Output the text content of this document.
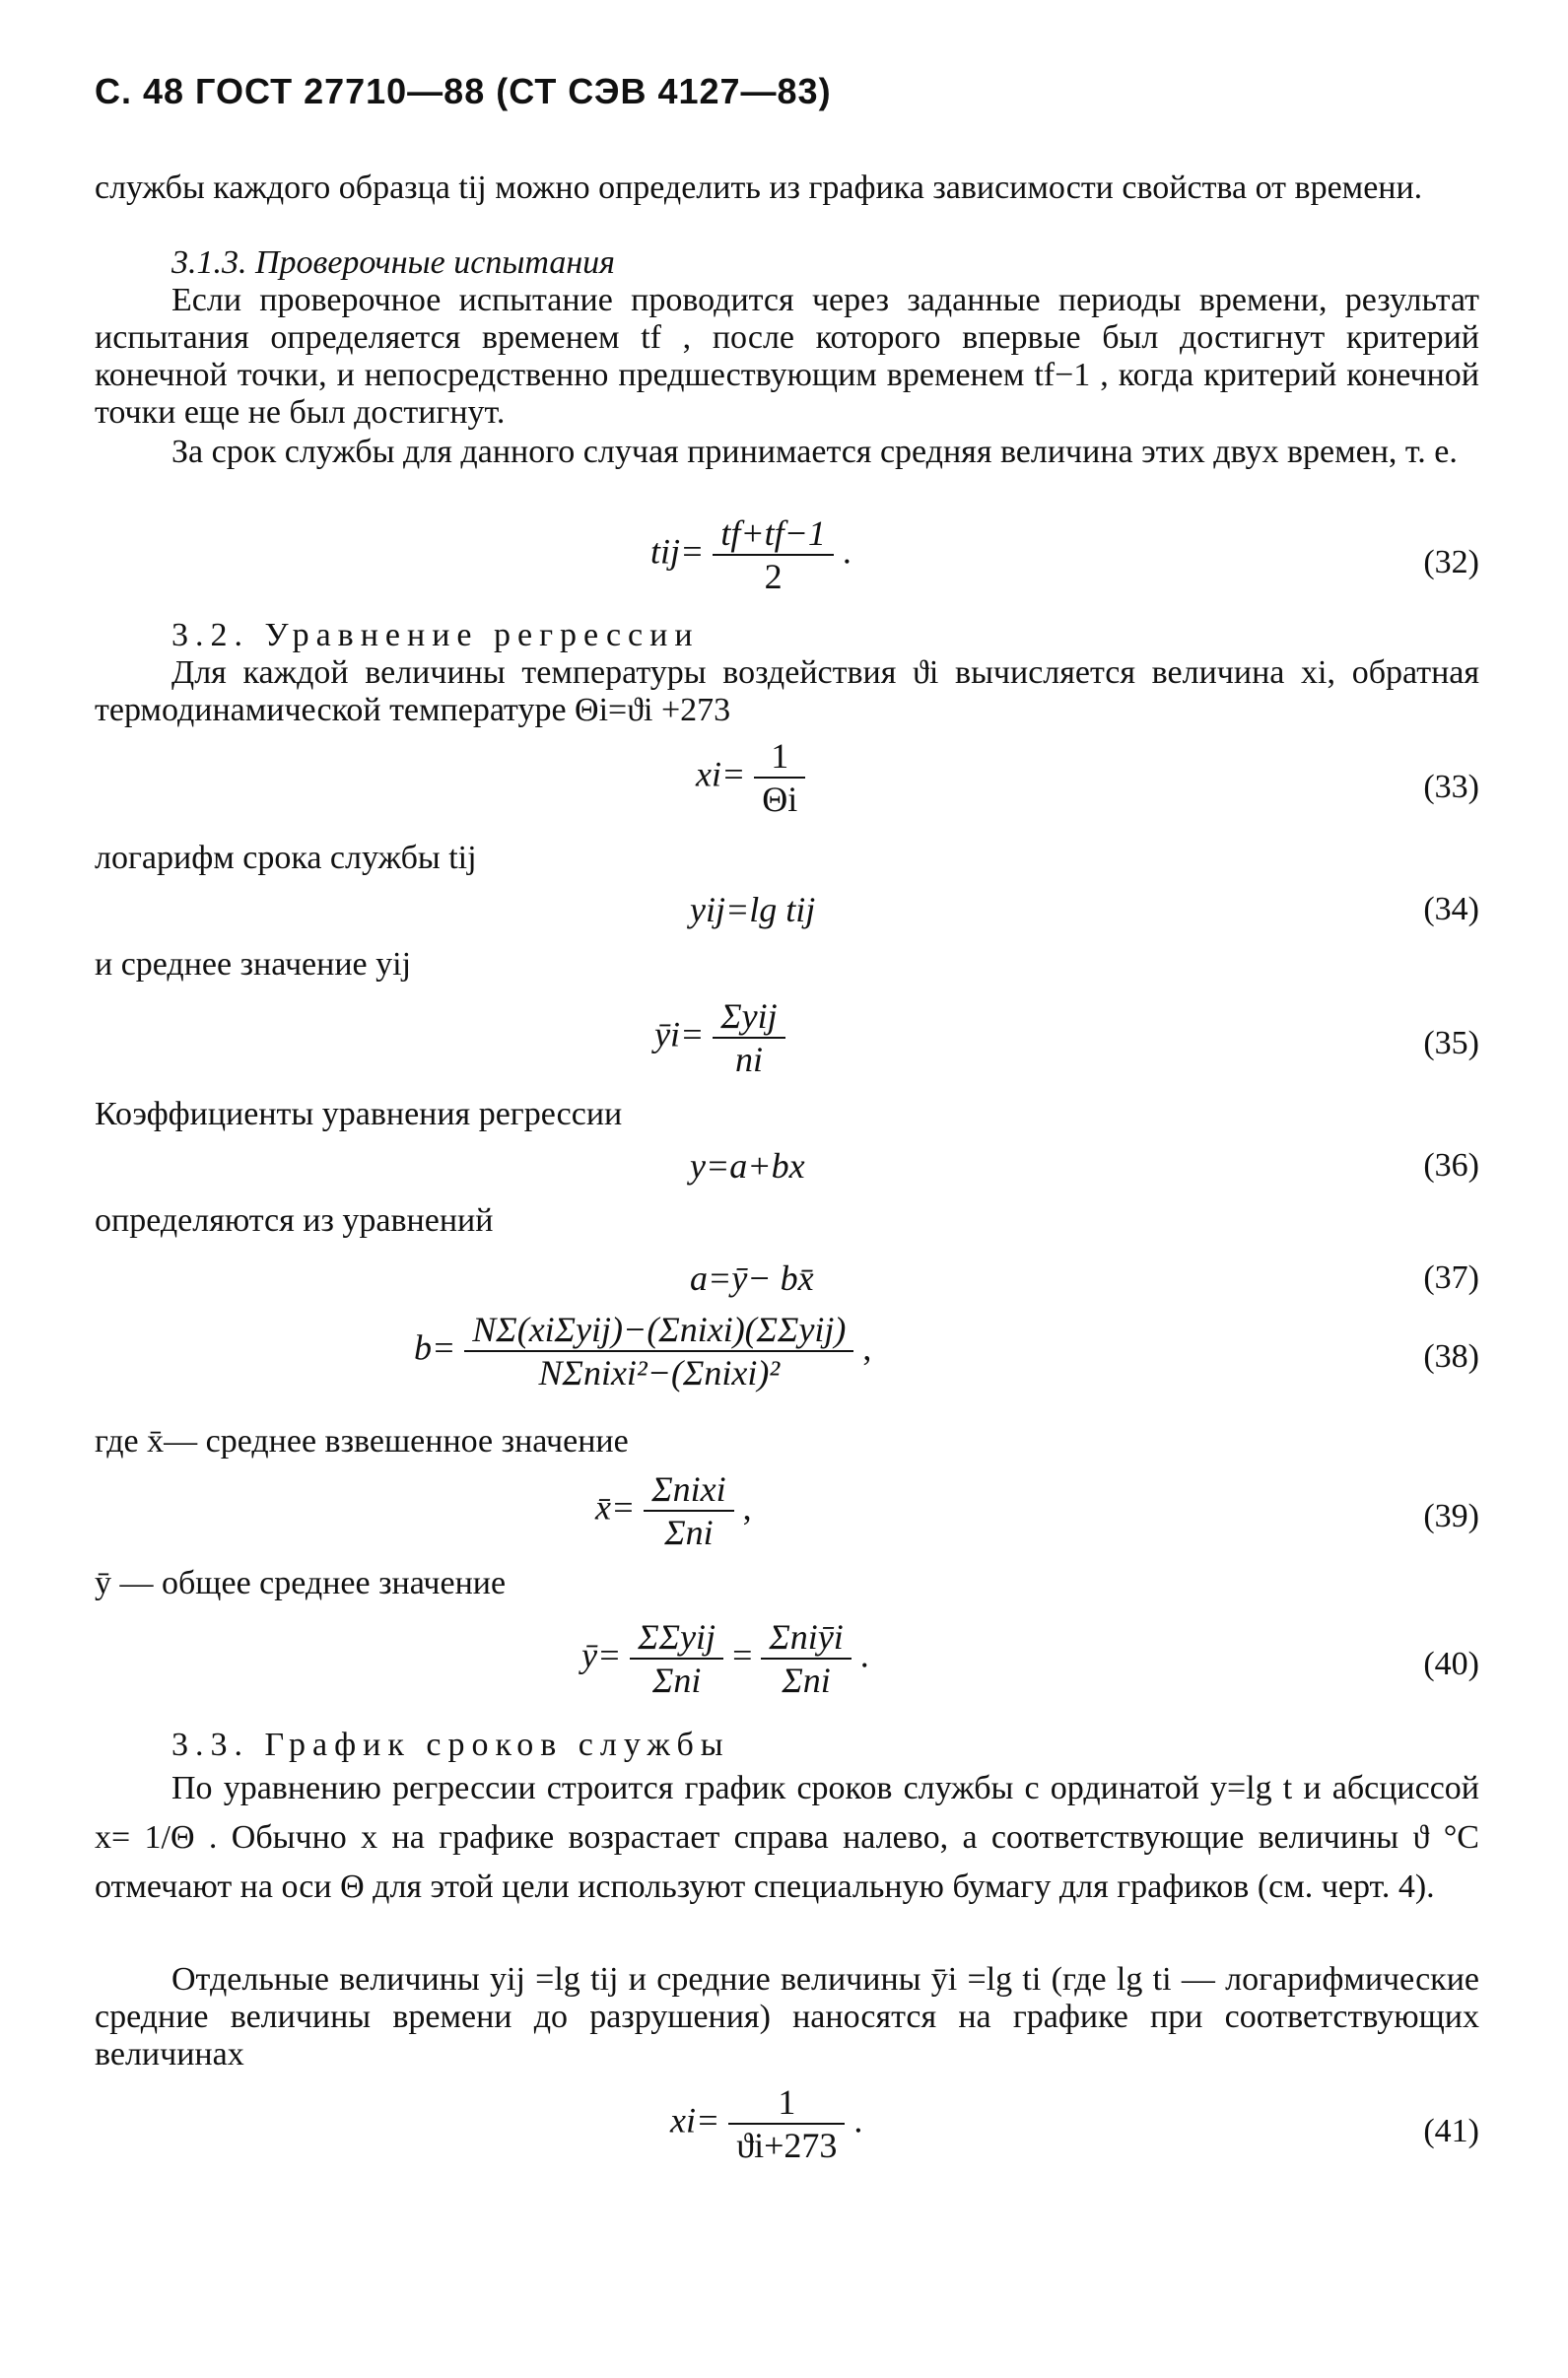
С. 48 ГОСТ 27710—88 (СТ СЭВ 4127—83)
службы каждого образца tij можно определить из графика зависимости свойства от времени.
3.1.3. Проверочные испытания
Если проверочное испытание проводится через заданные периоды времени, результат испытания определяется временем tf , после которого впервые был достигнут критерий конечной точки, и непосредственно предшествующим временем tf−1 , когда критерий конечной точки еще не был достигнут.
За срок службы для данного случая принимается средняя величина этих двух времен, т. е.
$tij= \frac{tf+tf-1}{2}$ .	(32)
3.2. Уравнение регрессии
Для каждой величины температуры воздействия ϑi вычисляется величина xi, обратная термодинамической температуре Θi=ϑi +273
$xi= \frac{1}{\Theta i}$	(33)
логарифм срока службы tij
yij=lg tij	(34)
и среднее значение yij
ȳi= $\frac{\text{Σyij}}{ni}$	(35)
Коэффициенты уравнения регрессии
y=a+bx	(36)
определяются из уравнений
a=ȳ− bx̄	(37)
$b= \frac{\text{NΣ(xiΣyij)−(Σnixi)(ΣΣyij)}}{\text{NΣnixi²−(Σnixi)²}}$ ,	(38)
где x̄— среднее взвешенное значение
x̄= $\frac{\text{Σnixi}}{\text{Σni}}$ ,	(39)
ȳ — общее среднее значение
ȳ= $\frac{\text{ΣΣyij}}{\text{Σni}} = \frac{\text{Σniȳi}}{\text{Σni}}$ .	(40)
3.3. График сроков службы
По уравнению регрессии строится график сроков службы с ординатой y=lg t и абсциссой x= 1/Θ . Обычно x на графике возрастает справа налево, а соответствующие величины ϑ °C отмечают на оси Θ для этой цели используют специальную бумагу для графиков (см. черт. 4).
Отдельные величины yij =lg tij и средние величины ȳi =lg ti (где lg ti — логарифмические средние величины времени до разрушения) наносятся на графике при соответствующих величинах
$xi= \frac{1}{ϑi+273}$ .	(41)
